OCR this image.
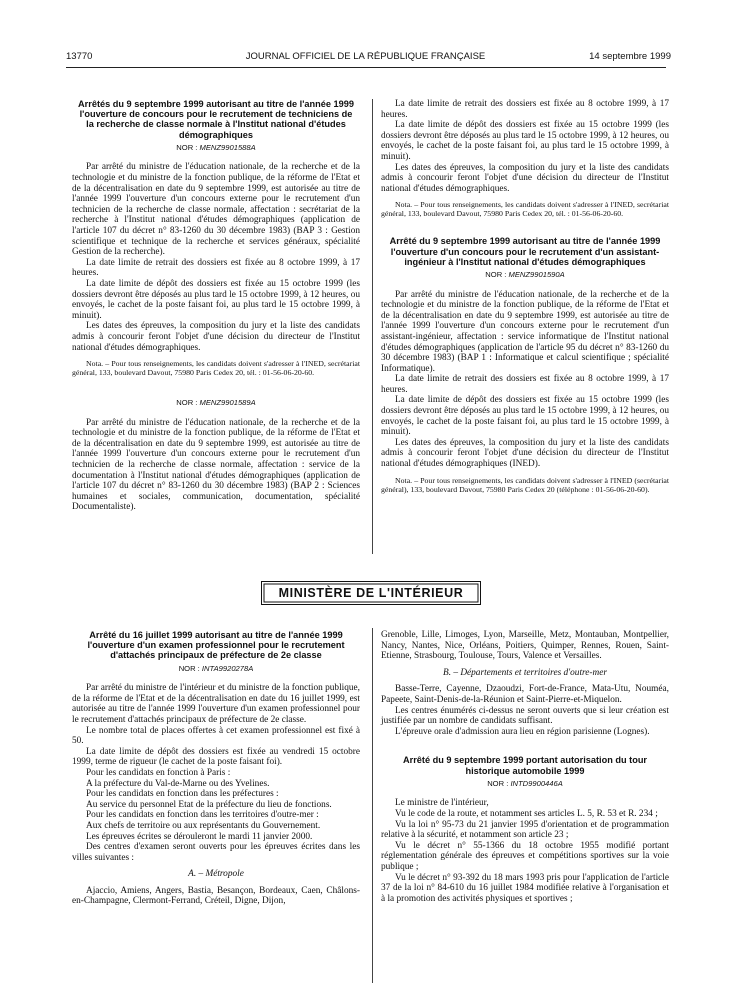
13770	JOURNAL OFFICIEL DE LA RÉPUBLIQUE FRANÇAISE	14 septembre 1999
Arrêtés du 9 septembre 1999 autorisant au titre de l'année 1999 l'ouverture de concours pour le recrutement de techniciens de la recherche de classe normale à l'Institut national d'études démographiques
NOR : MENZ9901588A

Par arrêté du ministre de l'éducation nationale, de la recherche et de la technologie et du ministre de la fonction publique, de la réforme de l'Etat et de la décentralisation en date du 9 septembre 1999, est autorisée au titre de l'année 1999 l'ouverture d'un concours externe pour le recrutement d'un technicien de la recherche de classe normale, affectation : secrétariat de la recherche à l'Institut national d'études démographiques (application de l'article 107 du décret n° 83-1260 du 30 décembre 1983) (BAP 3 : Gestion scientifique et technique de la recherche et services généraux, spécialité Gestion de la recherche).

La date limite de retrait des dossiers est fixée au 8 octobre 1999, à 17 heures.

La date limite de dépôt des dossiers est fixée au 15 octobre 1999 (les dossiers devront être déposés au plus tard le 15 octobre 1999, à 12 heures, ou envoyés, le cachet de la poste faisant foi, au plus tard le 15 octobre 1999, à minuit).

Les dates des épreuves, la composition du jury et la liste des candidats admis à concourir feront l'objet d'une décision du directeur de l'Institut national d'études démographiques.

Nota. – Pour tous renseignements, les candidats doivent s'adresser à l'INED, secrétariat général, 133, boulevard Davout, 75980 Paris Cedex 20, tél. : 01-56-06-20-60.

NOR : MENZ9901589A

Par arrêté du ministre de l'éducation nationale, de la recherche et de la technologie et du ministre de la fonction publique, de la réforme de l'Etat et de la décentralisation en date du 9 septembre 1999, est autorisée au titre de l'année 1999 l'ouverture d'un concours externe pour le recrutement d'un technicien de la recherche de classe normale, affectation : service de la documentation à l'Institut national d'études démographiques (application de l'article 107 du décret n° 83-1260 du 30 décembre 1983) (BAP 2 : Sciences humaines et sociales, communication, documentation, spécialité Documentaliste).

La date limite de retrait des dossiers est fixée au 8 octobre 1999, à 17 heures.

La date limite de dépôt des dossiers est fixée au 15 octobre 1999 (les dossiers devront être déposés au plus tard le 15 octobre 1999, à 12 heures, ou envoyés, le cachet de la poste faisant foi, au plus tard le 15 octobre 1999, à minuit).

Les dates des épreuves, la composition du jury et la liste des candidats admis à concourir feront l'objet d'une décision du directeur de l'Institut national d'études démographiques.

Nota. – Pour tous renseignements, les candidats doivent s'adresser à l'INED, secrétariat général, 133, boulevard Davout, 75980 Paris Cedex 20, tél. : 01-56-06-20-60.

Arrêté du 9 septembre 1999 autorisant au titre de l'année 1999 l'ouverture d'un concours pour le recrutement d'un assistant-ingénieur à l'Institut national d'études démographiques
NOR : MENZ9901590A

Par arrêté du ministre de l'éducation nationale, de la recherche et de la technologie et du ministre de la fonction publique, de la réforme de l'Etat et de la décentralisation en date du 9 septembre 1999, est autorisée au titre de l'année 1999 l'ouverture d'un concours externe pour le recrutement d'un assistant-ingénieur, affectation : service informatique de l'Institut national d'études démographiques (application de l'article 95 du décret n° 83-1260 du 30 décembre 1983) (BAP 1 : Informatique et calcul scientifique ; spécialité Informatique).

La date limite de retrait des dossiers est fixée au 8 octobre 1999, à 17 heures.

La date limite de dépôt des dossiers est fixée au 15 octobre 1999 (les dossiers devront être déposés au plus tard le 15 octobre 1999, à 12 heures, ou envoyés, le cachet de la poste faisant foi, au plus tard le 15 octobre 1999, à minuit).

Les dates des épreuves, la composition du jury et la liste des candidats admis à concourir feront l'objet d'une décision du directeur de l'Institut national d'études démographiques (INED).

Nota. – Pour tous renseignements, les candidats doivent s'adresser à l'INED (secrétariat général), 133, boulevard Davout, 75980 Paris Cedex 20 (téléphone : 01-56-06-20-60).

MINISTÈRE DE L'INTÉRIEUR
Arrêté du 16 juillet 1999 autorisant au titre de l'année 1999 l'ouverture d'un examen professionnel pour le recrutement d'attachés principaux de préfecture de 2e classe
NOR : INTA9920278A

Par arrêté du ministre de l'intérieur et du ministre de la fonction publique, de la réforme de l'Etat et de la décentralisation en date du 16 juillet 1999, est autorisée au titre de l'année 1999 l'ouverture d'un examen professionnel pour le recrutement d'attachés principaux de préfecture de 2e classe.

Le nombre total de places offertes à cet examen professionnel est fixé à 50.

La date limite de dépôt des dossiers est fixée au vendredi 15 octobre 1999, terme de rigueur (le cachet de la poste faisant foi).

Pour les candidats en fonction à Paris :

A la préfecture du Val-de-Marne ou des Yvelines.

Pour les candidats en fonction dans les préfectures :

Au service du personnel Etat de la préfecture du lieu de fonctions.

Pour les candidats en fonction dans les territoires d'outre-mer :

Aux chefs de territoire ou aux représentants du Gouvernement.

Les épreuves écrites se dérouleront le mardi 11 janvier 2000.

Des centres d'examen seront ouverts pour les épreuves écrites dans les villes suivantes :

A. – Métropole

Ajaccio, Amiens, Angers, Bastia, Besançon, Bordeaux, Caen, Châlons-en-Champagne, Clermont-Ferrand, Créteil, Digne, Dijon,

Grenoble, Lille, Limoges, Lyon, Marseille, Metz, Montauban, Montpellier, Nancy, Nantes, Nice, Orléans, Poitiers, Quimper, Rennes, Rouen, Saint-Etienne, Strasbourg, Toulouse, Tours, Valence et Versailles.

B. – Départements et territoires d'outre-mer

Basse-Terre, Cayenne, Dzaoudzi, Fort-de-France, Mata-Utu, Nouméa, Papeete, Saint-Denis-de-la-Réunion et Saint-Pierre-et-Miquelon.

Les centres énumérés ci-dessus ne seront ouverts que si leur création est justifiée par un nombre de candidats suffisant.

L'épreuve orale d'admission aura lieu en région parisienne (Lognes).

Arrêté du 9 septembre 1999 portant autorisation du tour historique automobile 1999
NOR : INTD9900446A

Le ministre de l'intérieur,

Vu le code de la route, et notamment ses articles L. 5, R. 53 et R. 234 ;

Vu la loi n° 95-73 du 21 janvier 1995 d'orientation et de programmation relative à la sécurité, et notamment son article 23 ;

Vu le décret n° 55-1366 du 18 octobre 1955 modifié portant réglementation générale des épreuves et compétitions sportives sur la voie publique ;

Vu le décret n° 93-392 du 18 mars 1993 pris pour l'application de l'article 37 de la loi n° 84-610 du 16 juillet 1984 modifiée relative à l'organisation et à la promotion des activités physiques et sportives ;
